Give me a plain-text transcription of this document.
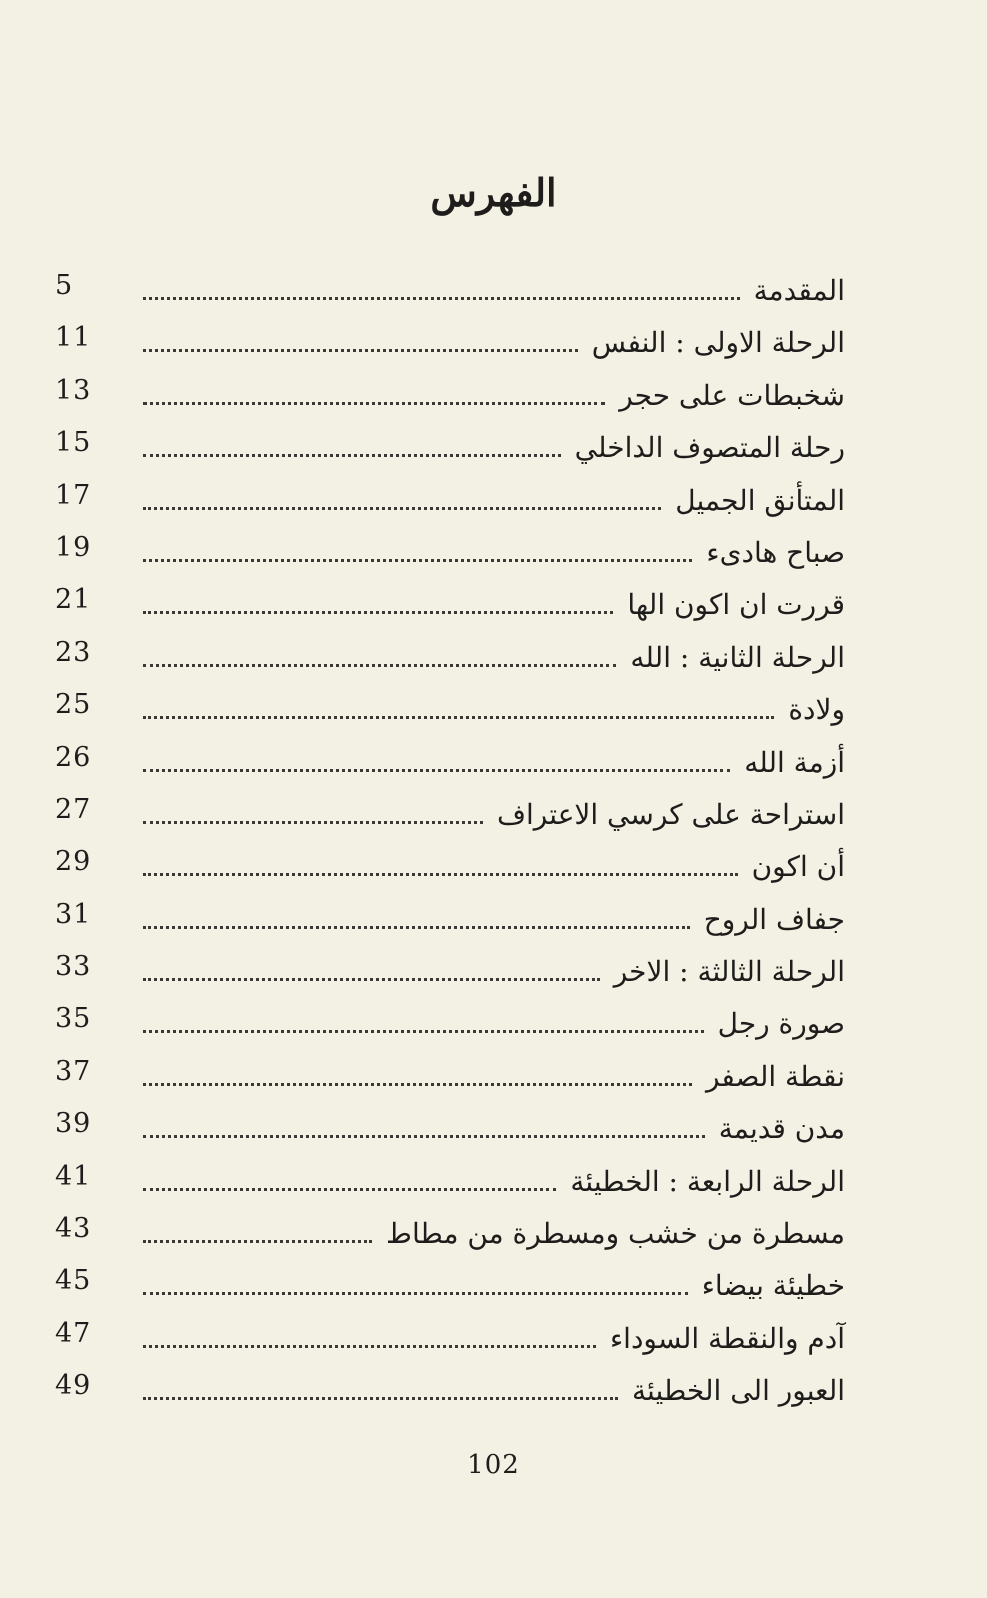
الفهرس
5	المقدمة
11	الرحلة الاولى : النفس
13	شخبطات على حجر
15	رحلة المتصوف الداخلي
17	المتأنق الجميل
19	صباح هادىء
21	قررت ان اكون الها
23	الرحلة الثانية : الله
25	ولادة
26	أزمة الله
27	استراحة على كرسي الاعتراف
29	أن اكون
31	جفاف الروح
33	الرحلة الثالثة : الاخر
35	صورة رجل
37	نقطة الصفر
39	مدن قديمة
41	الرحلة الرابعة : الخطيئة
43	مسطرة من خشب ومسطرة من مطاط
45	خطيئة بيضاء
47	آدم والنقطة السوداء
49	العبور الى الخطيئة
102
